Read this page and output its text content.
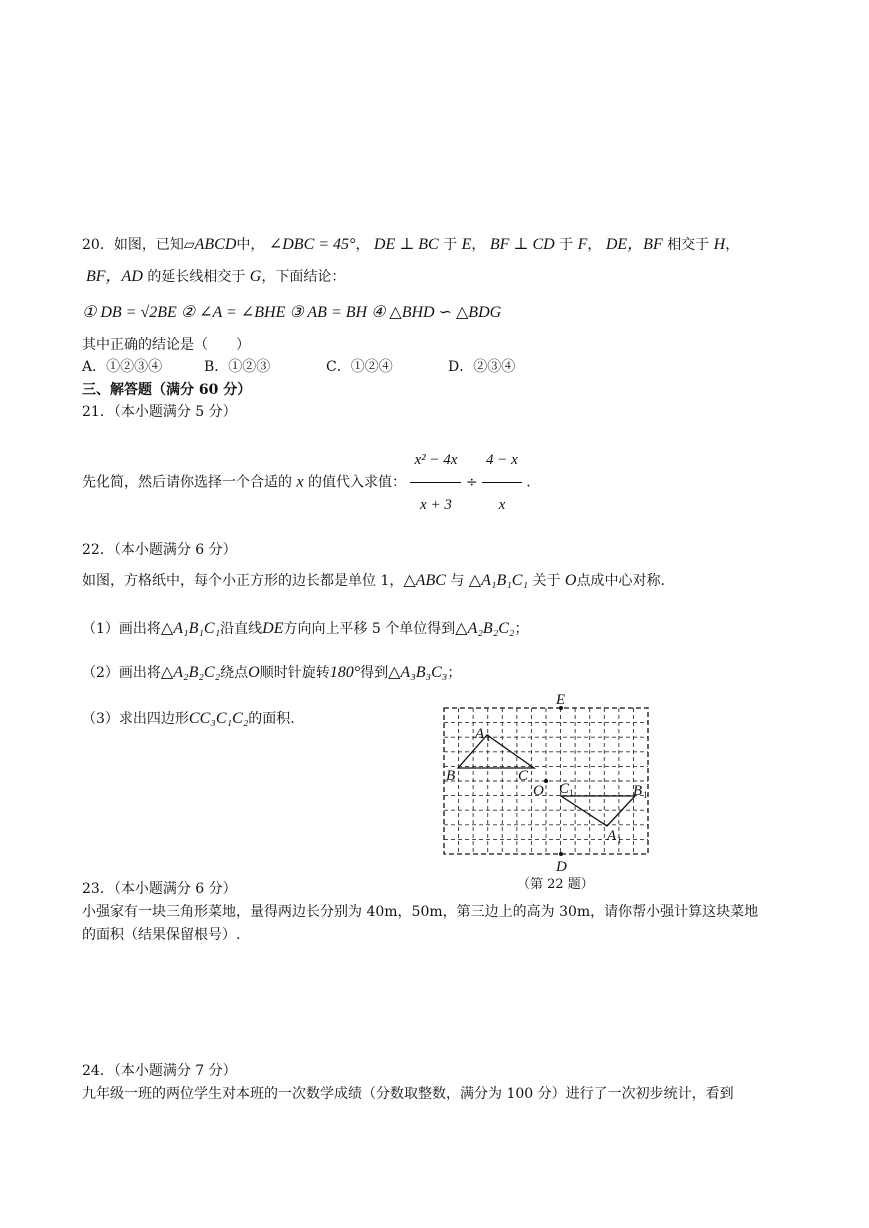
20．如图，已知▱ABCD中， ∠DBC = 45°， DE ⊥ BC 于 E， BF ⊥ CD 于 F， DE，BF 相交于 H，
BF，AD 的延长线相交于 G，下面结论：
① DB = √2BE ② ∠A = ∠BHE ③ AB = BH ④ △BHD ∽ △BDG
其中正确的结论是（　　）
A．①②③④	B．①②③	C．①②④	D．②③④
三、解答题（满分 60 分）
21．（本小题满分 5 分）
先化简，然后请你选择一个合适的 x 的值代入求值： $\frac{\text{x² − 4x}}{x + 3} \div \frac{4 - x}{x}$ .
22．（本小题满分 6 分）
如图，方格纸中，每个小正方形的边长都是单位 1，△ABC 与 △A₁B₁C₁ 关于 O点成中心对称.
（1）画出将△A₁B₁C₁沿直线DE方向向上平移 5 个单位得到△A₂B₂C₂；
（2）画出将△A₂B₂C₂绕点O顺时针旋转180°得到△A₃B₃C₃；
（3）求出四边形CC₃C₁C₂的面积.
E
D
O
A
B	C
C	B
A
1
1	1
1
（第 22 题）
23．（本小题满分 6 分）
小强家有一块三角形菜地，量得两边长分别为 40m，50m，第三边上的高为 30m，请你帮小强计算这块菜地
的面积（结果保留根号）.
24．（本小题满分 7 分）
九年级一班的两位学生对本班的一次数学成绩（分数取整数，满分为 100 分）进行了一次初步统计，看到
